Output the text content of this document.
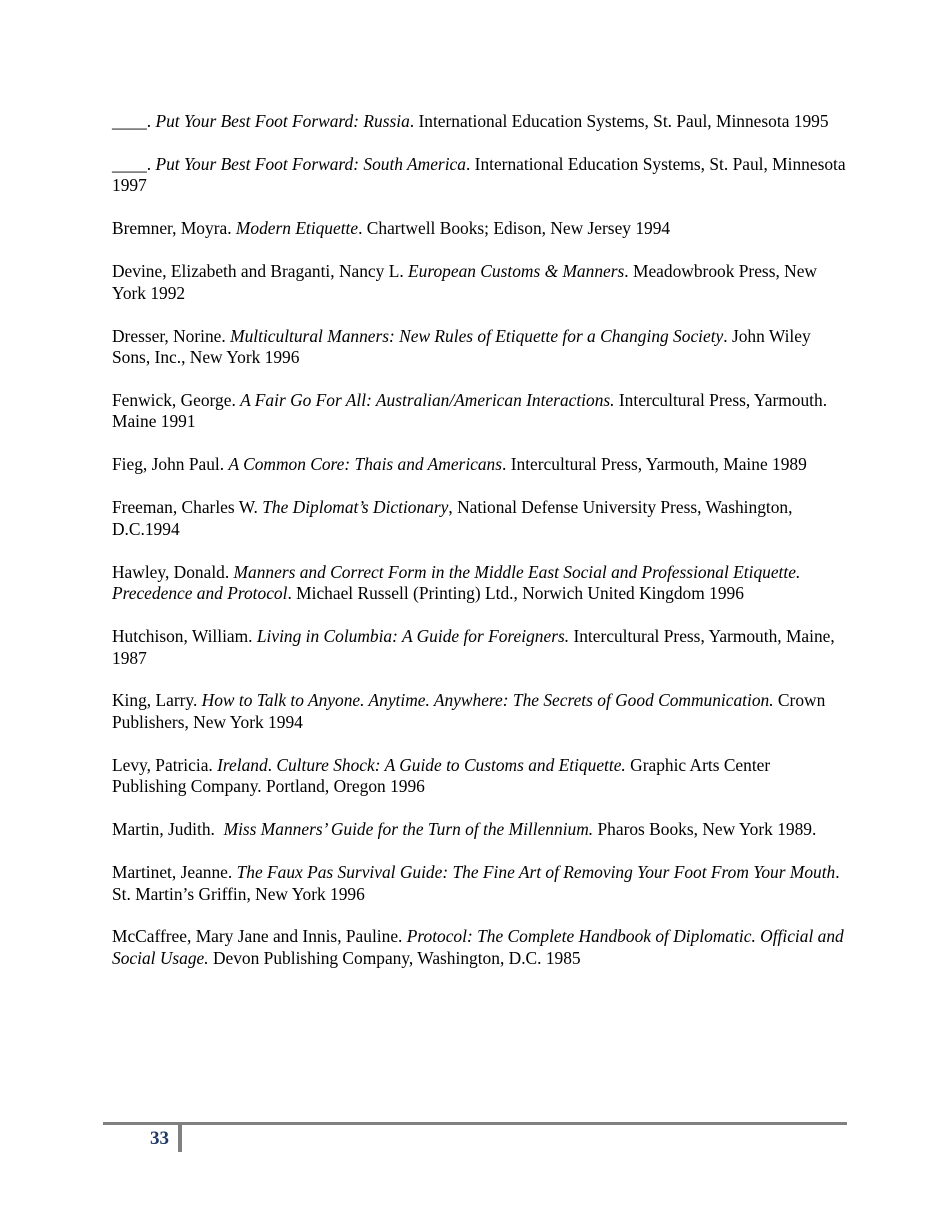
____. Put Your Best Foot Forward: Russia. International Education Systems, St. Paul, Minnesota 1995

____. Put Your Best Foot Forward: South America. International Education Systems, St. Paul, Minnesota 1997

Bremner, Moyra. Modern Etiquette. Chartwell Books; Edison, New Jersey 1994

Devine, Elizabeth and Braganti, Nancy L. European Customs & Manners. Meadowbrook Press, New York 1992

Dresser, Norine. Multicultural Manners: New Rules of Etiquette for a Changing Society. John Wiley Sons, Inc., New York 1996

Fenwick, George. A Fair Go For All: Australian/American Interactions. Intercultural Press, Yarmouth. Maine 1991

Fieg, John Paul. A Common Core: Thais and Americans. Intercultural Press, Yarmouth, Maine 1989

Freeman, Charles W. The Diplomat’s Dictionary, National Defense University Press, Washington, D.C.1994

Hawley, Donald. Manners and Correct Form in the Middle East Social and Professional Etiquette. Precedence and Protocol. Michael Russell (Printing) Ltd., Norwich United Kingdom 1996

Hutchison, William. Living in Columbia: A Guide for Foreigners. Intercultural Press, Yarmouth, Maine, 1987

King, Larry. How to Talk to Anyone. Anytime. Anywhere: The Secrets of Good Communication. Crown Publishers, New York 1994

Levy, Patricia. Ireland. Culture Shock: A Guide to Customs and Etiquette. Graphic Arts Center Publishing Company. Portland, Oregon 1996

Martin, Judith.  Miss Manners’ Guide for the Turn of the Millennium. Pharos Books, New York 1989.

Martinet, Jeanne. The Faux Pas Survival Guide: The Fine Art of Removing Your Foot From Your Mouth. St. Martin’s Griffin, New York 1996

McCaffree, Mary Jane and Innis, Pauline. Protocol: The Complete Handbook of Diplomatic. Official and Social Usage. Devon Publishing Company, Washington, D.C. 1985

33
